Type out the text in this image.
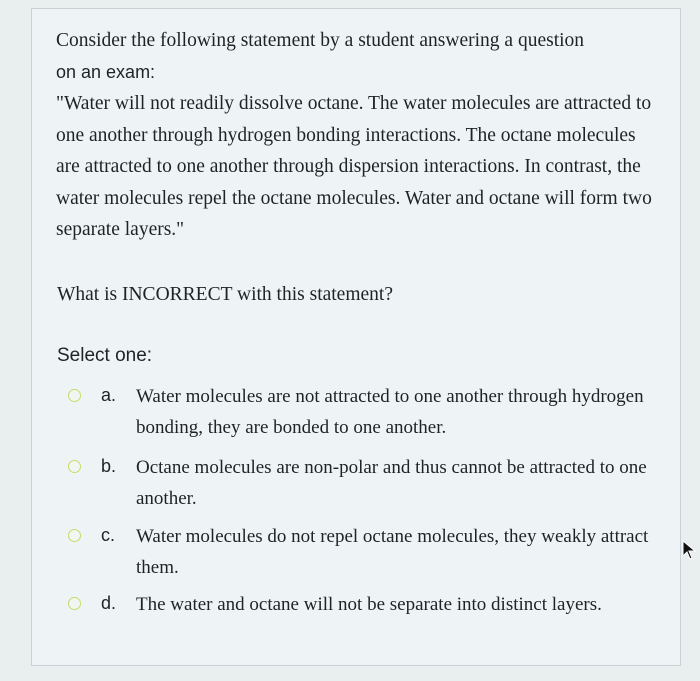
Consider the following statement by a student answering a question

on an exam:

"Water will not readily dissolve octane. The water molecules are attracted to one another through hydrogen bonding interactions. The octane molecules are attracted to one another through dispersion interactions. In contrast, the water molecules repel the octane molecules. Water and octane will form two separate layers."

What is INCORRECT with this statement?
Select one:
a. Water molecules are not attracted to one another through hydrogen bonding, they are bonded to one another.
b. Octane molecules are non-polar and thus cannot be attracted to one another.
c. Water molecules do not repel octane molecules, they weakly attract them.
d. The water and octane will not be separate into distinct layers.
